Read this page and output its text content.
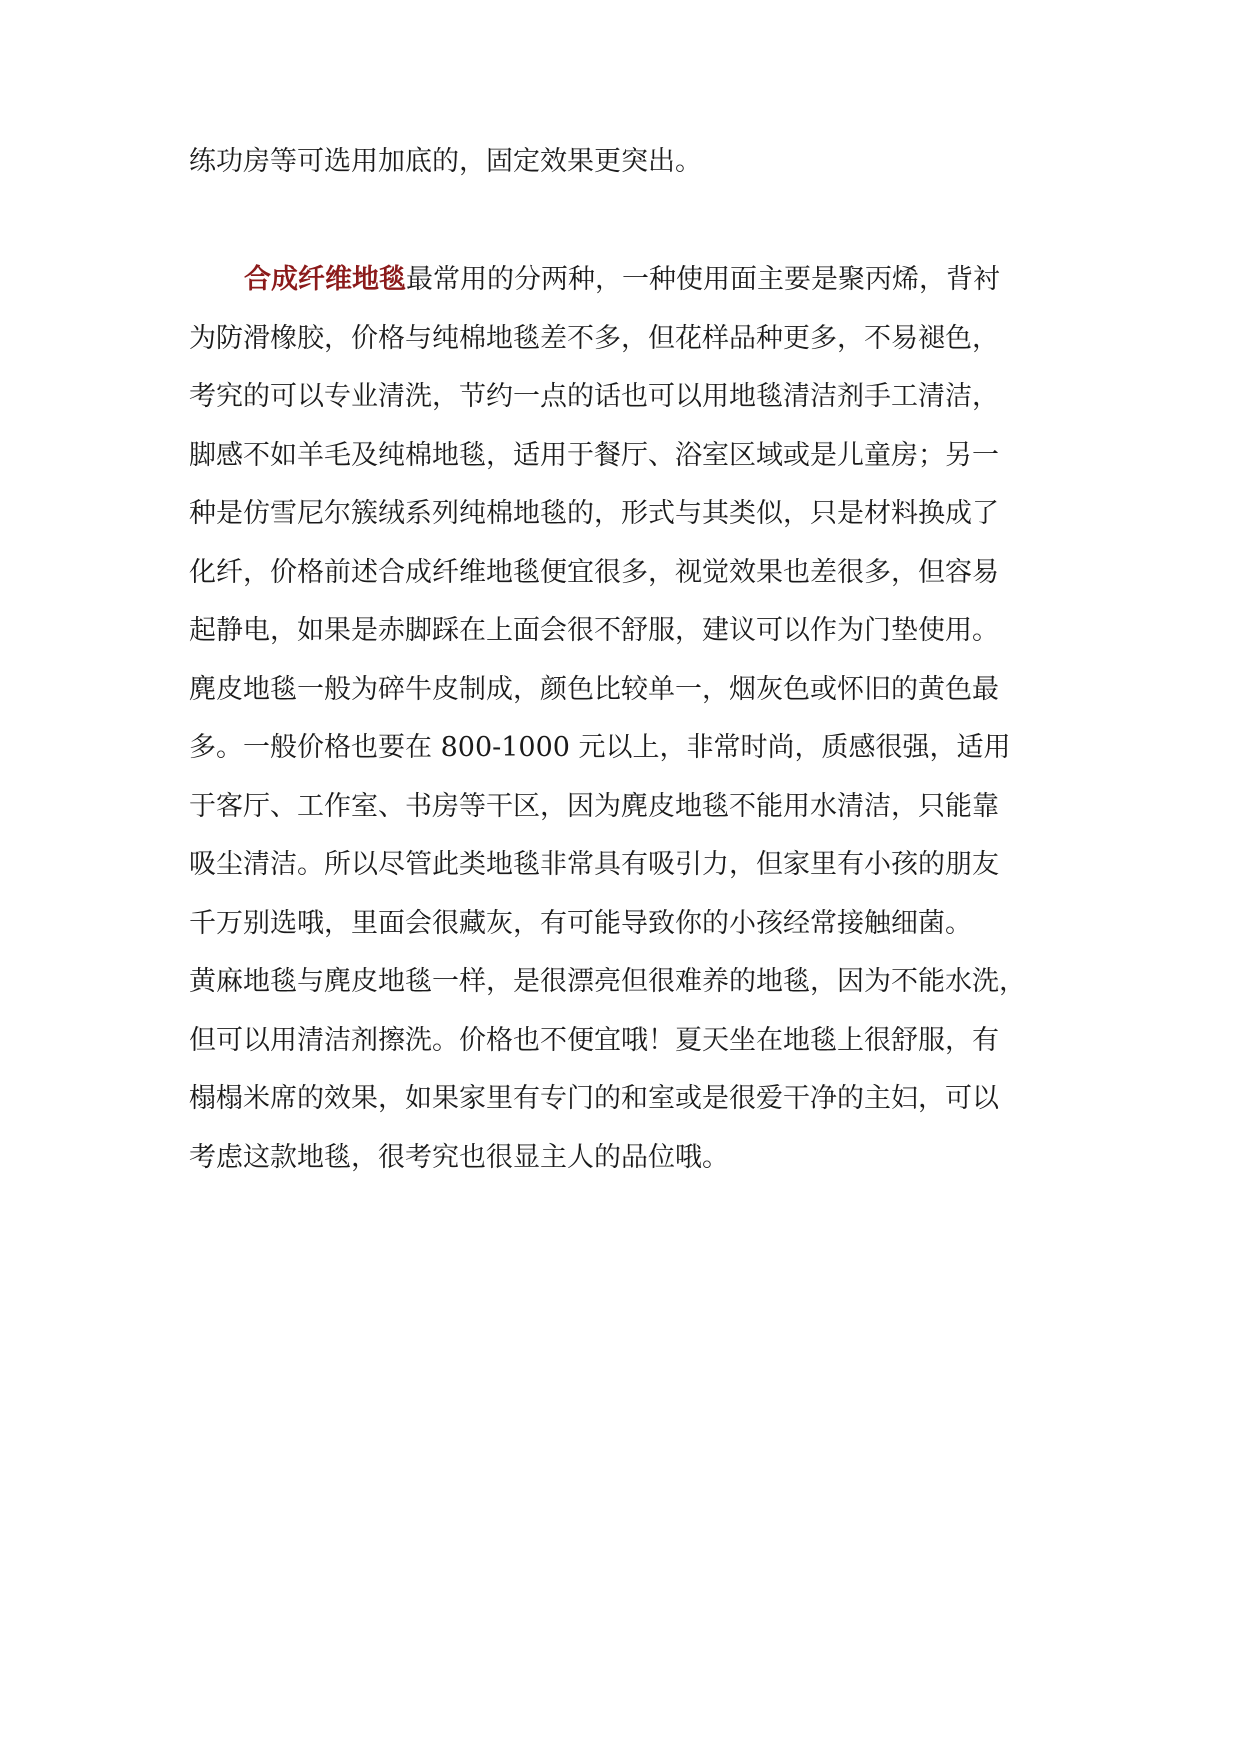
练功房等可选用加底的，固定效果更突出。
合成纤维地毯最常用的分两种，一种使用面主要是聚丙烯，背衬
为防滑橡胶，价格与纯棉地毯差不多，但花样品种更多，不易褪色，
考究的可以专业清洗，节约一点的话也可以用地毯清洁剂手工清洁，
脚感不如羊毛及纯棉地毯，适用于餐厅、浴室区域或是儿童房；另一
种是仿雪尼尔簇绒系列纯棉地毯的，形式与其类似，只是材料换成了
化纤，价格前述合成纤维地毯便宜很多，视觉效果也差很多，但容易
起静电，如果是赤脚踩在上面会很不舒服，建议可以作为门垫使用。
麂皮地毯一般为碎牛皮制成，颜色比较单一，烟灰色或怀旧的黄色最
多。一般价格也要在 800-1000 元以上，非常时尚，质感很强，适用
于客厅、工作室、书房等干区，因为麂皮地毯不能用水清洁，只能靠
吸尘清洁。所以尽管此类地毯非常具有吸引力，但家里有小孩的朋友
千万别选哦，里面会很藏灰，有可能导致你的小孩经常接触细菌。
黄麻地毯与麂皮地毯一样，是很漂亮但很难养的地毯，因为不能水洗，
但可以用清洁剂擦洗。价格也不便宜哦！夏天坐在地毯上很舒服，有
榻榻米席的效果，如果家里有专门的和室或是很爱干净的主妇，可以
考虑这款地毯，很考究也很显主人的品位哦。
